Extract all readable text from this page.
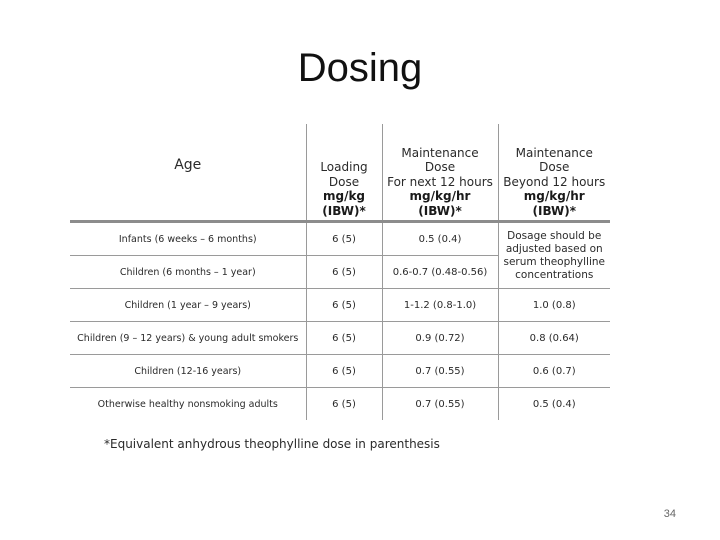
Dosing
Age	Loading
Dose
mg/kg
(IBW)*	Maintenance
Dose
For next 12 hours
mg/kg/hr
(IBW)*	Maintenance
Dose
Beyond 12 hours
mg/kg/hr
(IBW)*
Infants (6 weeks – 6 months)	6 (5)	0.5 (0.4)	Dosage should be
adjusted based on
serum theophylline
concentrations
Children (6 months – 1 year)	6 (5)	0.6-0.7 (0.48-0.56)	
Children (1 year – 9 years)	6 (5)	1-1.2 (0.8-1.0)	1.0 (0.8)
Children (9 – 12 years) & young adult smokers	6 (5)	0.9 (0.72)	0.8 (0.64)
Children (12-16 years)	6 (5)	0.7 (0.55)	0.6 (0.7)
Otherwise healthy nonsmoking adults	6 (5)	0.7 (0.55)	0.5 (0.4)
*Equivalent anhydrous theophylline dose in parenthesis
34
